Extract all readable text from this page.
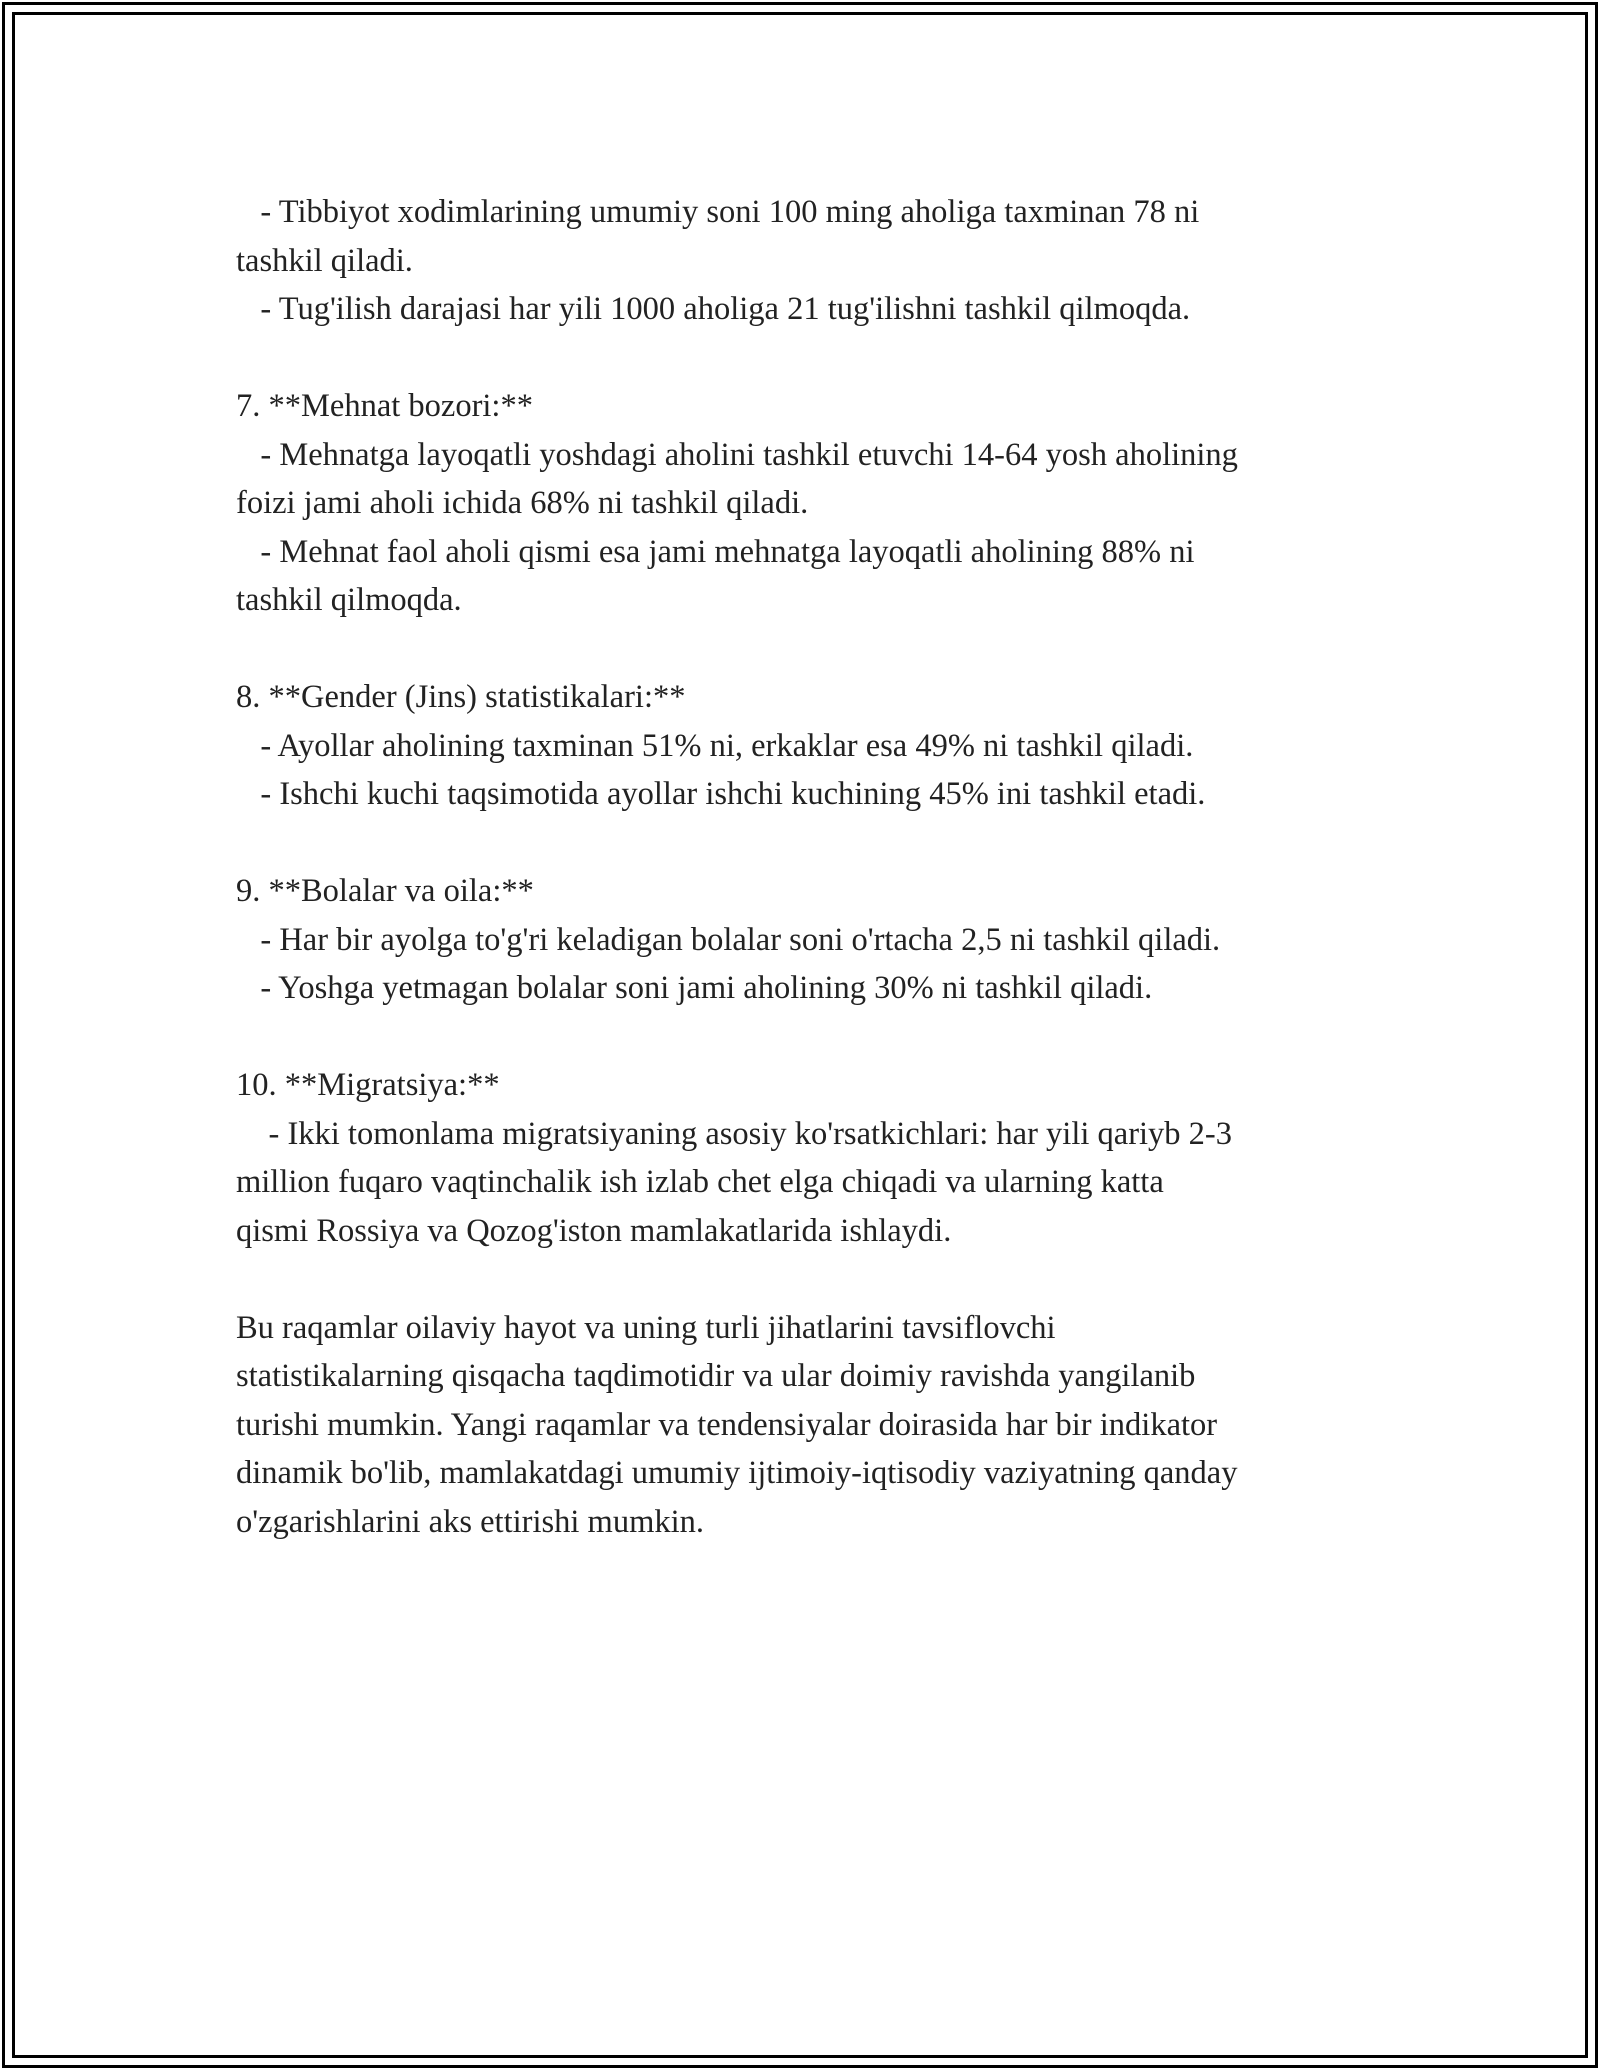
- Tibbiyot xodimlarining umumiy soni 100 ming aholiga taxminan 78 ni
tashkil qiladi.
- Tug'ilish darajasi har yili 1000 aholiga 21 tug'ilishni tashkil qilmoqda.
7. **Mehnat bozori:**
- Mehnatga layoqatli yoshdagi aholini tashkil etuvchi 14-64 yosh aholining
foizi jami aholi ichida 68% ni tashkil qiladi.
- Mehnat faol aholi qismi esa jami mehnatga layoqatli aholining 88% ni
tashkil qilmoqda.
8. **Gender (Jins) statistikalari:**
- Ayollar aholining taxminan 51% ni, erkaklar esa 49% ni tashkil qiladi.
- Ishchi kuchi taqsimotida ayollar ishchi kuchining 45% ini tashkil etadi.
9. **Bolalar va oila:**
- Har bir ayolga to'g'ri keladigan bolalar soni o'rtacha 2,5 ni tashkil qiladi.
- Yoshga yetmagan bolalar soni jami aholining 30% ni tashkil qiladi.
10. **Migratsiya:**
- Ikki tomonlama migratsiyaning asosiy ko'rsatkichlari: har yili qariyb 2-3
million fuqaro vaqtinchalik ish izlab chet elga chiqadi va ularning katta
qismi Rossiya va Qozog'iston mamlakatlarida ishlaydi.
Bu raqamlar oilaviy hayot va uning turli jihatlarini tavsiflovchi
statistikalarning qisqacha taqdimotidir va ular doimiy ravishda yangilanib
turishi mumkin. Yangi raqamlar va tendensiyalar doirasida har bir indikator
dinamik bo'lib, mamlakatdagi umumiy ijtimoiy-iqtisodiy vaziyatning qanday
o'zgarishlarini aks ettirishi mumkin.
